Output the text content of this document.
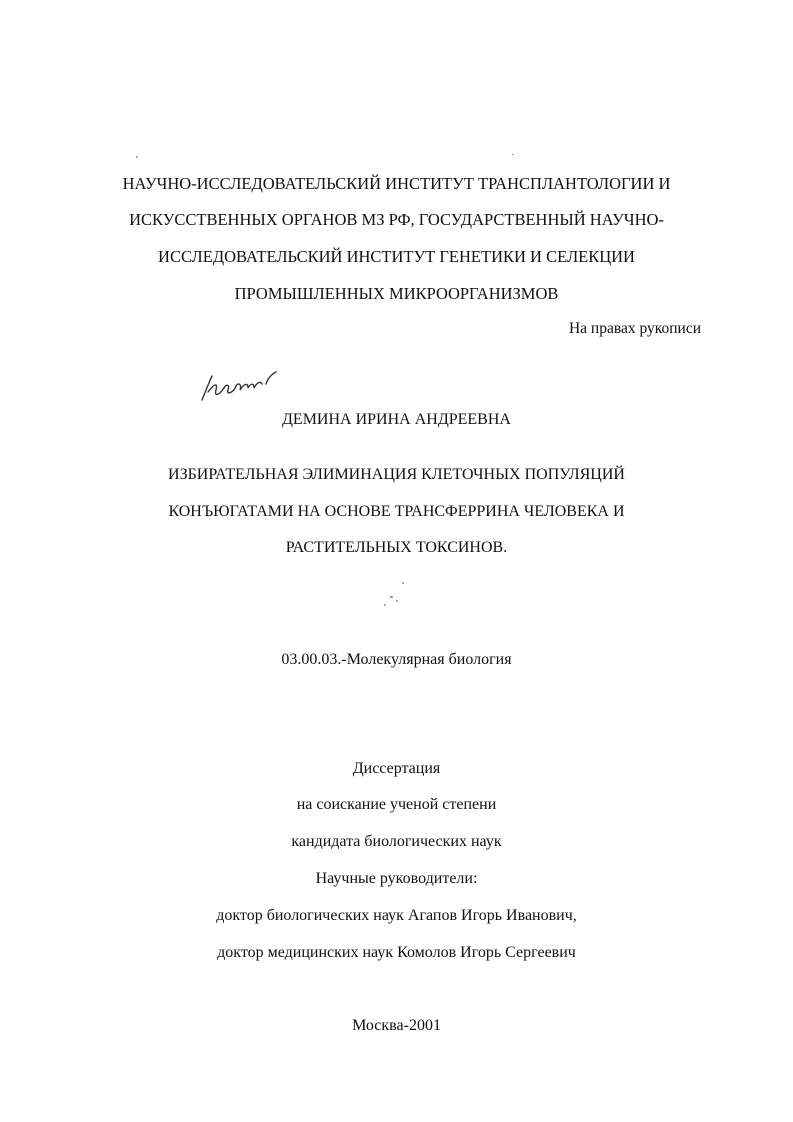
НАУЧНО-ИССЛЕДОВАТЕЛЬСКИЙ ИНСТИТУТ ТРАНСПЛАНТОЛОГИИ И
ИСКУССТВЕННЫХ ОРГАНОВ МЗ РФ, ГОСУДАРСТВЕННЫЙ НАУЧНО-
ИССЛЕДОВАТЕЛЬСКИЙ ИНСТИТУТ ГЕНЕТИКИ И СЕЛЕКЦИИ
ПРОМЫШЛЕННЫХ МИКРООРГАНИЗМОВ
На правах рукописи
ДЕМИНА ИРИНА АНДРЕЕВНА
ИЗБИРАТЕЛЬНАЯ ЭЛИМИНАЦИЯ КЛЕТОЧНЫХ ПОПУЛЯЦИЙ
КОНЪЮГАТАМИ НА ОСНОВЕ ТРАНСФЕРРИНА ЧЕЛОВЕКА И
РАСТИТЕЛЬНЫХ ТОКСИНОВ.
03.00.03.-Молекулярная биология
Диссертация
на соискание ученой степени
кандидата биологических наук
Научные руководители:
доктор биологических наук Агапов Игорь Иванович,
доктор медицинских наук Комолов Игорь Сергеевич
Москва-2001
